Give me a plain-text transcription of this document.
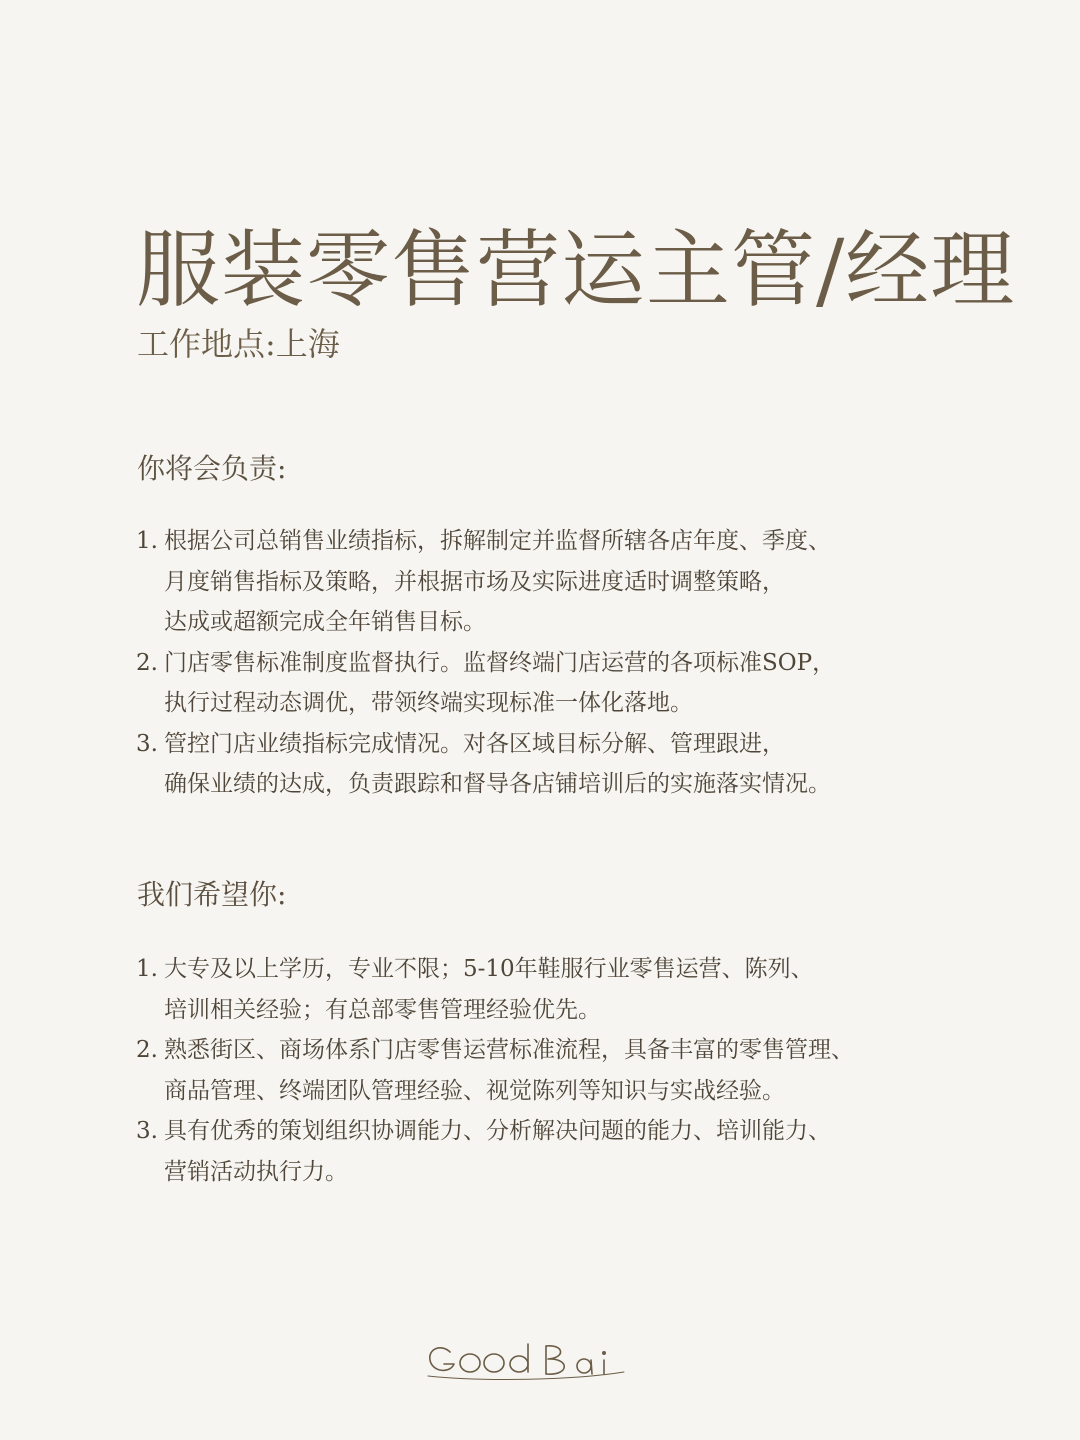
服装零售营运主管/经理
工作地点:上海
你将会负责:
1. 根据公司总销售业绩指标，拆解制定并监督所辖各店年度、季度、
月度销售指标及策略，并根据市场及实际进度适时调整策略，
达成或超额完成全年销售目标。
2. 门店零售标准制度监督执行。监督终端门店运营的各项标准SOP，
执行过程动态调优，带领终端实现标准一体化落地。
3. 管控门店业绩指标完成情况。对各区域目标分解、管理跟进，
确保业绩的达成，负责跟踪和督导各店铺培训后的实施落实情况。
我们希望你:
1. 大专及以上学历，专业不限；5-10年鞋服行业零售运营、陈列、
培训相关经验；有总部零售管理经验优先。
2. 熟悉街区、商场体系门店零售运营标准流程，具备丰富的零售管理、
商品管理、终端团队管理经验、视觉陈列等知识与实战经验。
3. 具有优秀的策划组织协调能力、分析解决问题的能力、培训能力、
营销活动执行力。
